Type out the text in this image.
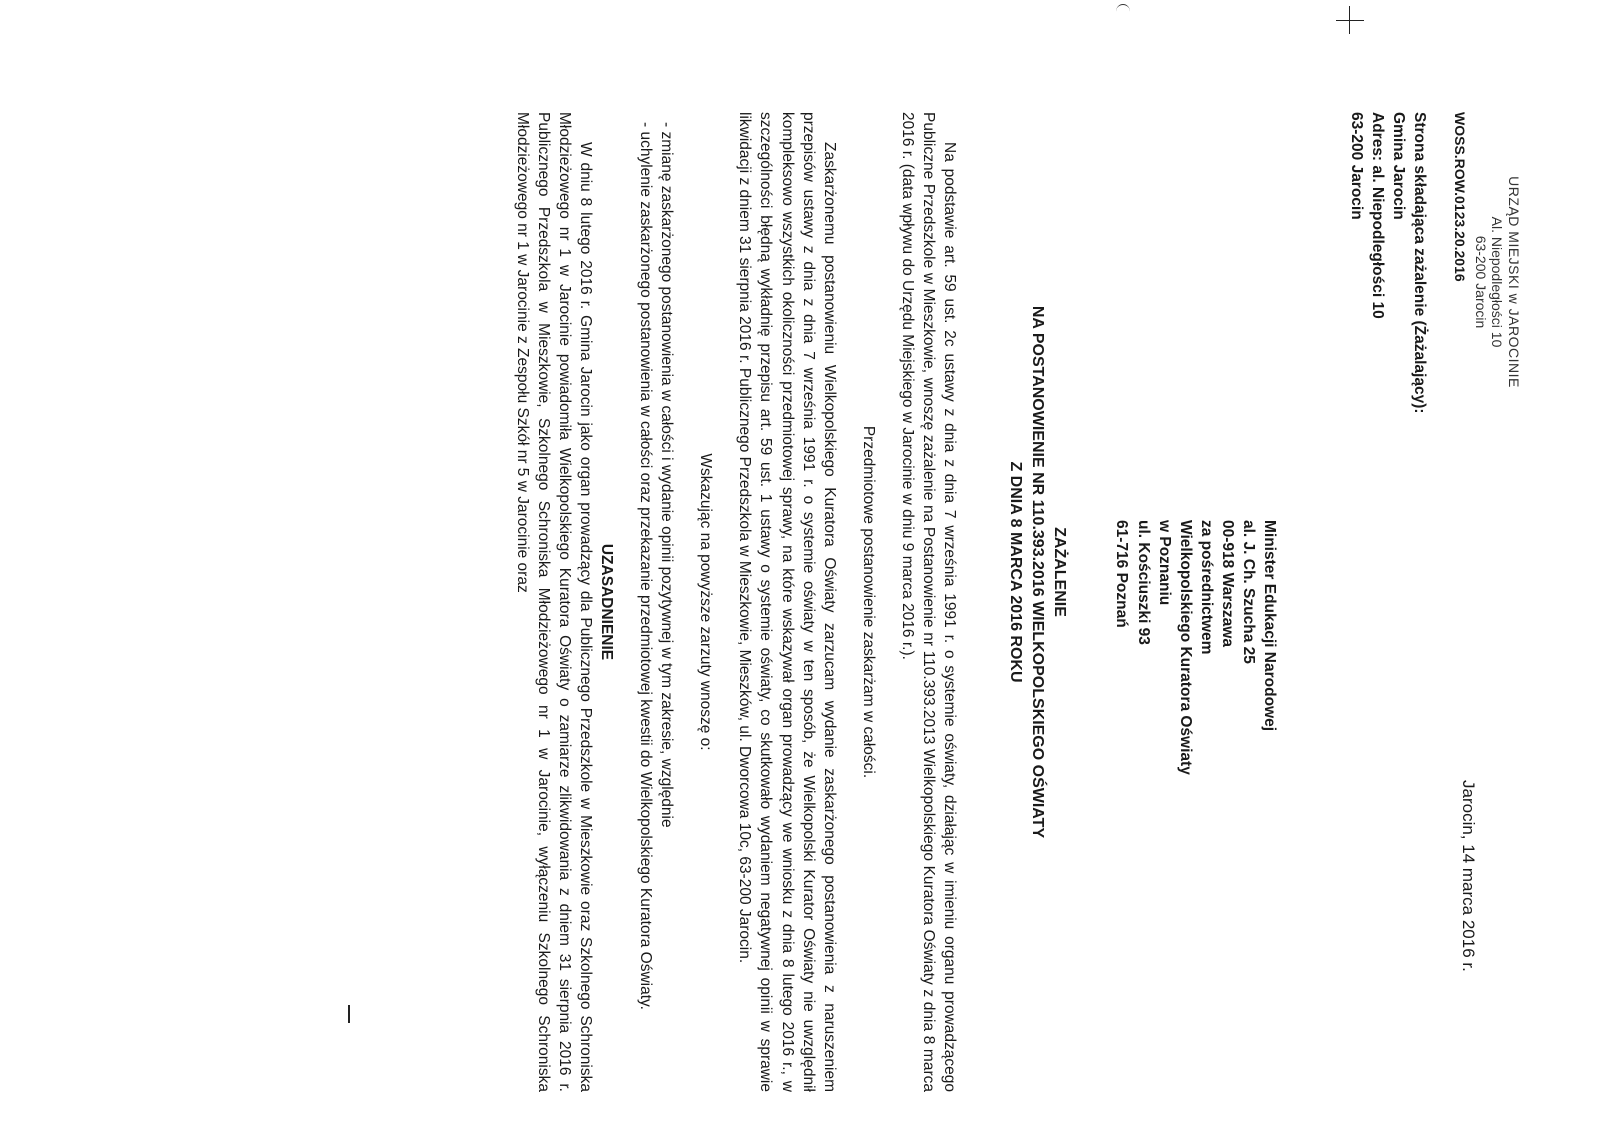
URZĄD MIEJSKI w JAROCINIE
Al. Niepodległości 10
63-200 Jarocin
WOSS.ROW.0123.20.2016
Jarocin, 14 marca 2016 r.
Strona składająca zażalenie (Żażalający):
Gmina Jarocin
Adres: al. Niepodległości 10
63-200 Jarocin
Minister Edukacji Narodowej
al. J. Ch. Szucha 25
00-918 Warszawa
za pośrednictwem
Wielkopolskiego Kuratora Oświaty
w Poznaniu
ul. Kościuszki 93
61-716 Poznań
ZAŻALENIE
NA POSTANOWIENIE NR 110.393.2016 WIELKOPOLSKIEGO OŚWIATY
Z DNIA 8 MARCA 2016 ROKU

Na podstawie art. 59 ust. 2c ustawy z dnia z dnia 7 września 1991 r. o systemie oświaty, działając w imieniu organu prowadzącego Publiczne Przedszkole w Mieszkowie, wnoszę zażalenie na Postanowienie nr 110.393.2013 Wielkopolskiego Kuratora Oświaty z dnia 8 marca 2016 r. (data wpływu do Urzędu Miejskiego w Jarocinie w dniu 9 marca 2016 r.).

Przedmiotowe postanowienie zaskarżam w całości.

Zaskarżonemu postanowieniu Wielkopolskiego Kuratora Oświaty zarzucam wydanie zaskarżonego postanowienia z naruszeniem przepisów ustawy z dnia z dnia 7 września 1991 r. o systemie oświaty w ten sposób, że Wielkopolski Kurator Oświaty nie uwzględnił kompleksowo wszystkich okoliczności przedmiotowej sprawy, na które wskazywał organ prowadzący we wniosku z dnia 8 lutego 2016 r., w szczególności błędną wykładnię przepisu art. 59 ust. 1 ustawy o systemie oświaty, co skutkowało wydaniem negatywnej opinii w sprawie likwidacji z dniem 31 sierpnia 2016 r. Publicznego Przedszkola w Mieszkowie, Mieszków, ul. Dworcowa 10c, 63-200 Jarocin.

Wskazując na powyższe zarzuty wnoszę o:

- zmianę zaskarżonego postanowienia w całości i wydanie opinii pozytywnej w tym zakresie, względnie
- uchylenie zaskarżonego postanowienia w całości oraz przekazanie przedmiotowej kwestii do Wielkopolskiego Kuratora Oświaty.

UZASADNIENIE

W dniu 8 lutego 2016 r. Gmina Jarocin jako organ prowadzący dla Publicznego Przedszkole w Mieszkowie oraz Szkolnego Schroniska Młodzieżowego nr 1 w Jarocinie powiadomiła Wielkopolskiego Kuratora Oświaty o zamiarze zlikwidowania z dniem 31 sierpnia 2016 r. Publicznego Przedszkola w Mieszkowie, Szkolnego Schroniska Młodzieżowego nr 1 w Jarocinie, wyłączeniu Szkolnego Schroniska Młodzieżowego nr 1 w Jarocinie z Zespołu Szkół nr 5 w Jarocinie oraz
